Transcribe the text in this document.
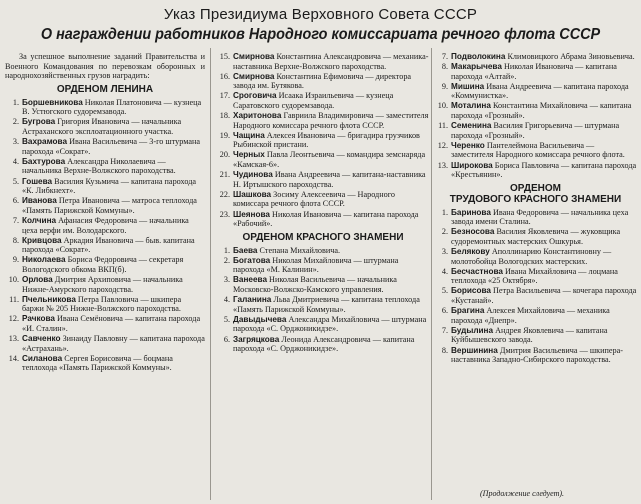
Указ Президиума Верховного Совета СССР
О награждении работников Народного комиссариата речного флота СССР

За успешное выполнение заданий Правительства и Военного Командования по перевозкам оборонных и народнохозяйственных грузов наградить:

ОРДЕНОМ ЛЕНИНА
1. Боршевникова Николая Платоновича — кузнеца В. Устюгского судоремзавода.
2. Бугрова Григория Ивановича — начальника Астраханского эксплоатационного участка.
3. Вахрамова Ивана Васильевича — 3-го штурмана парохода «Сократ».
4. Бахтурова Александра Николаевича — начальника Верхне-Волжского пароходства.
5. Гошева Василия Кузьмича — капитана парохода «К. Либкнехт».
6. Иванова Петра Ивановича — матроса теплохода «Память Парижской Коммуны».
7. Колчина Афанасия Федоровича — начальника цеха верфи им. Володарского.
8. Кривцова Аркадия Ивановича — быв. капитана парохода «Сократ».
9. Николаева Бориса Федоровича — секретаря Вологодского обкома ВКП(б).
10. Орлова Дмитрия Архиповича — начальника Нижне-Амурского пароходства.
11. Пчельникова Петра Павловича — шкипера баржи № 205 Нижне-Волжского пароходства.
12. Рачкова Ивана Семёновича — капитана парохода «И. Сталин».
13. Савченко Зинаиду Павловну — капитана парохода «Астрахань».
14. Силанова Сергея Борисовича — боцмана теплохода «Память Парижской Коммуны».
15. Смирнова Константина Александровича — механика-наставника Верхне-Волжского пароходства.
16. Смирнова Константина Ефимовича — директора завода им. Бутякова.
17. Сроговича Исаака Израильевича — кузнеца Саратовского судоремзавода.
18. Харитонова Гавриила Владимировича — заместителя Народного комиссара речного флота СССР.
19. Чащина Алексея Ивановича — бригадира грузчиков Рыбинской пристани.
20. Черных Павла Леонтьевича — командира земснаряда «Камская-6».
21. Чудинова Ивана Андреевича — капитана-наставника Н. Иртышского пароходства.
22. Шашкова Зосиму Алексеевича — Народного комиссара речного флота СССР.
23. Шеянова Николая Ивановича — капитана парохода «Рабочий».
ОРДЕНОМ КРАСНОГО ЗНАМЕНИ
1. Баева Степана Михайловича.
2. Богатова Николая Михайловича — штурмана парохода «М. Калинин».
3. Ванеева Николая Васильевича — начальника Московско-Волжско-Камского управления.
4. Галанина Льва Дмитриевича — капитана теплохода «Память Парижской Коммуны».
5. Давыдычева Александра Михайловича — штурмана парохода «С. Орджоникидзе».
6. Загряцкова Леонида Александровича — капитана парохода «С. Орджоникидзе».
7. Подволокина Климовицкого Абрама Зиновьевича.
8. Макарычева Николая Ивановича — капитана парохода «Алтай».
9. Мишина Ивана Андреевича — капитана парохода «Коммунистка».
10. Моталина Константина Михайловича — капитана парохода «Грозный».
11. Семенина Василия Григорьевича — штурмана парохода «Грозный».
12. Черенко Пантелеймона Васильевича — заместителя Народного комиссара речного флота.
13. Широкова Бориса Павловича — капитана парохода «Крестьянин».
ОРДЕНОМ
ТРУДОВОГО КРАСНОГО ЗНАМЕНИ
1. Баринова Ивана Федоровича — начальника цеха завода имени Сталина.
2. Безносова Василия Яковлевича — жуковщика судоремонтных мастерских Ошкурья.
3. Белякову Аполлинарию Константиновну — молотобойца Вологодских мастерских.
4. Бесчастнова Ивана Михайловича — лоцмана теплохода «25 Октября».
5. Борисова Петра Васильевича — кочегара парохода «Кустанай».
6. Брагина Алексея Михайловича — механика парохода «Днепр».
7. Будылина Андрея Яковлевича — капитана Куйбышевского завода.
8. Вершинина Дмитрия Васильевича — шкипера-наставника Западно-Сибирского пароходства.
(Продолжение следует).
